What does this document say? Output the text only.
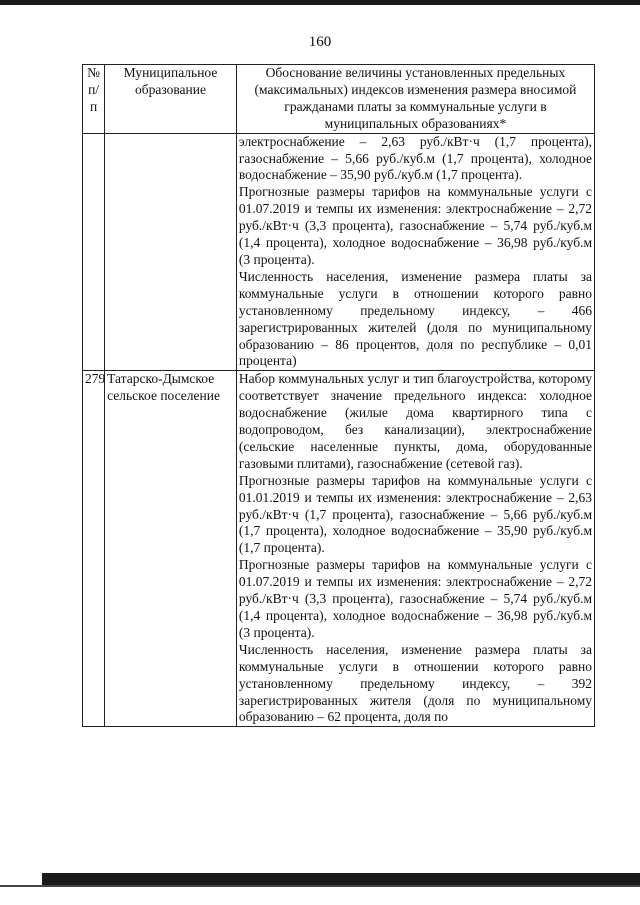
160
№ п/п	Муниципальное образование	Обоснование величины установленных предельных (максимальных) индексов изменения размера вносимой гражданами платы за коммунальные услуги в муниципальных образованиях*

		электроснабжение – 2,63 руб./кВт·ч (1,7 процента), газоснабжение – 5,66 руб./куб.м (1,7 процента), холодное водоснабжение – 35,90 руб./куб.м (1,7 процента).
Прогнозные размеры тарифов на коммунальные услуги с 01.07.2019 и темпы их изменения: электроснабжение – 2,72 руб./кВт·ч (3,3 процента), газоснабжение – 5,74 руб./куб.м (1,4 процента), холодное водоснабжение – 36,98 руб./куб.м (3 процента).
Численность населения, изменение размера платы за коммунальные услуги в отношении которого равно установленному предельному индексу, – 466 зарегистрированных жителей (доля по муниципальному образованию – 86 процентов, доля по республике – 0,01 процента)

279	Татарско-Дымское сельское поселение	Набор коммунальных услуг и тип благоустройства, которому соответствует значение предельного индекса: холодное водоснабжение (жилые дома квартирного типа с водопроводом, без канализации), электроснабжение (сельские населенные пункты, дома, оборудованные газовыми плитами), газоснабжение (сетевой газ).
Прогнозные размеры тарифов на коммунальные услуги с 01.01.2019 и темпы их изменения: электроснабжение – 2,63 руб./кВт·ч (1,7 процента), газоснабжение – 5,66 руб./куб.м (1,7 процента), холодное водоснабжение – 35,90 руб./куб.м (1,7 процента).
Прогнозные размеры тарифов на коммунальные услуги с 01.07.2019 и темпы их изменения: электроснабжение – 2,72 руб./кВт·ч (3,3 процента), газоснабжение – 5,74 руб./куб.м (1,4 процента), холодное водоснабжение – 36,98 руб./куб.м (3 процента).
Численность населения, изменение размера платы за коммунальные услуги в отношении которого равно установленному предельному индексу, – 392 зарегистрированных жителя (доля по муниципальному образованию – 62 процента, доля по
